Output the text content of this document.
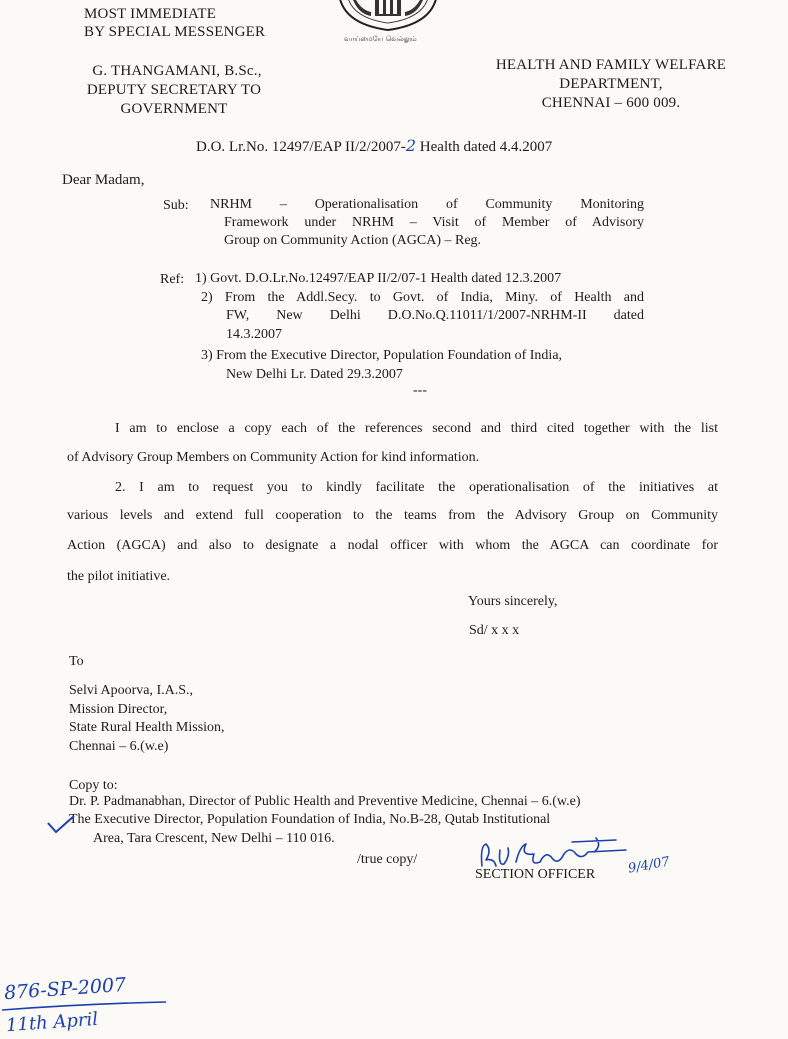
வாய்மையே வெல்லும்
MOST IMMEDIATE
BY SPECIAL MESSENGER
G. THANGAMANI, B.Sc.,
DEPUTY SECRETARY TO
GOVERNMENT
HEALTH AND FAMILY WELFARE
DEPARTMENT,
CHENNAI – 600 009.
D.O. Lr.No. 12497/EAP II/2/2007-2 Health dated 4.4.2007
Dear Madam,
Sub: NRHM – Operationalisation of Community Monitoring
Framework under NRHM – Visit of Member of Advisory
Group on Community Action (AGCA) – Reg.
Ref: 1) Govt. D.O.Lr.No.12497/EAP II/2/07-1 Health dated 12.3.2007
2) From the Addl.Secy. to Govt. of India, Miny. of Health and
FW, New Delhi D.O.No.Q.11011/1/2007-NRHM-II dated
14.3.2007
3) From the Executive Director, Population Foundation of India,
New Delhi Lr. Dated 29.3.2007
---
I am to enclose a copy each of the references second and third cited together with the list
of Advisory Group Members on Community Action for kind information.
2. I am to request you to kindly facilitate the operationalisation of the initiatives at
various levels and extend full cooperation to the teams from the Advisory Group on Community
Action (AGCA) and also to designate a nodal officer with whom the AGCA can coordinate for
the pilot initiative.
Yours sincerely,
Sd/ x x x
To
Selvi Apoorva, I.A.S.,
Mission Director,
State Rural Health Mission,
Chennai – 6.(w.e)
Copy to:
Dr. P. Padmanabhan, Director of Public Health and Preventive Medicine, Chennai – 6.(w.e)
The Executive Director, Population Foundation of India, No.B-28, Qutab Institutional
Area, Tara Crescent, New Delhi – 110 016.
/true copy/
SECTION OFFICER 9/4/07
876-SP-2007
11th April
